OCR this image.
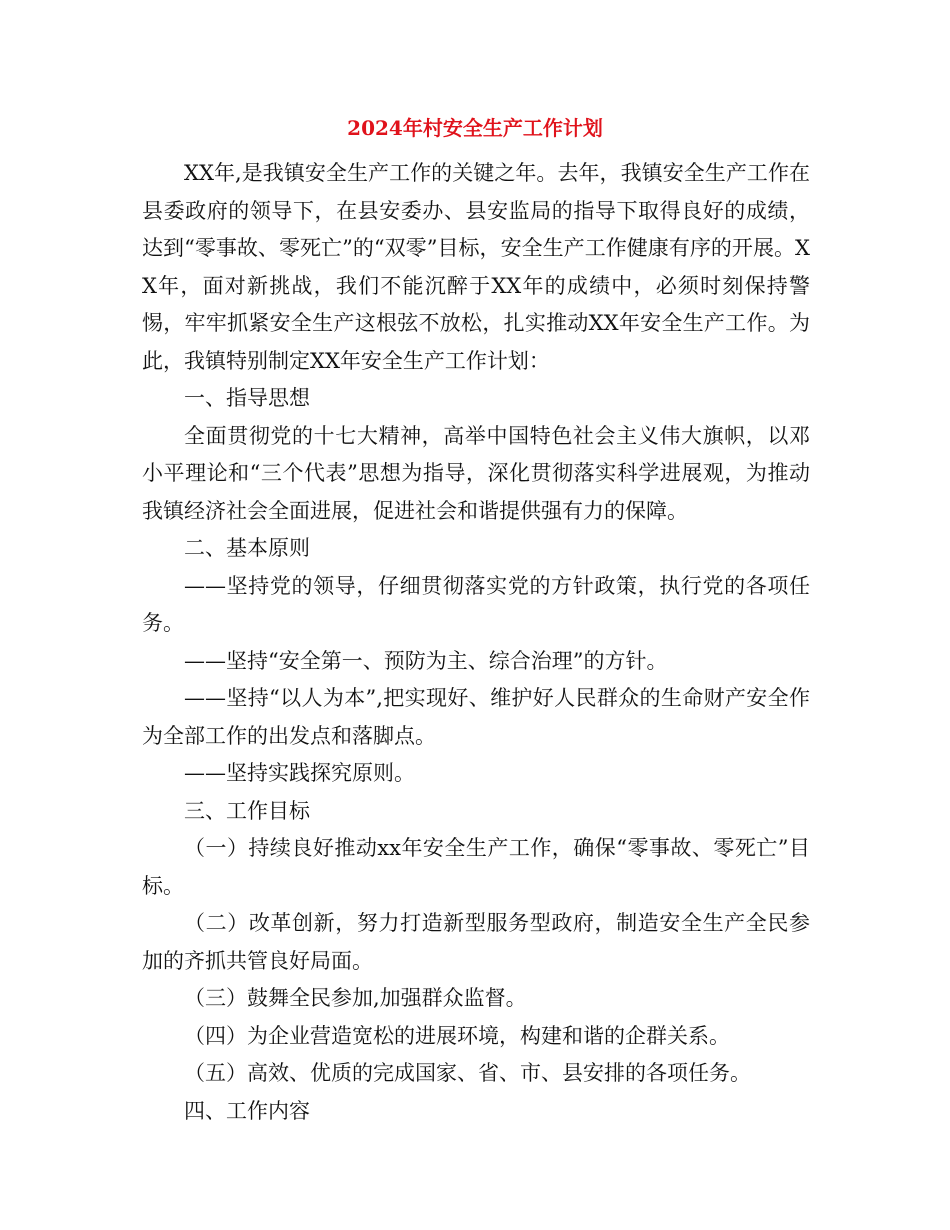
2024年村安全生产工作计划

XX年,是我镇安全生产工作的关键之年。去年，我镇安全生产工作在县委政府的领导下，在县安委办、县安监局的指导下取得良好的成绩，达到“零事故、零死亡”的“双零”目标，安全生产工作健康有序的开展。XX年，面对新挑战，我们不能沉醉于XX年的成绩中，必须时刻保持警惕，牢牢抓紧安全生产这根弦不放松，扎实推动XX年安全生产工作。为此，我镇特别制定XX年安全生产工作计划：

一、指导思想

全面贯彻党的十七大精神，高举中国特色社会主义伟大旗帜，以邓小平理论和“三个代表”思想为指导，深化贯彻落实科学进展观，为推动我镇经济社会全面进展，促进社会和谐提供强有力的保障。

二、基本原则

——坚持党的领导，仔细贯彻落实党的方针政策，执行党的各项任务。

——坚持“安全第一、预防为主、综合治理”的方针。

——坚持“以人为本”,把实现好、维护好人民群众的生命财产安全作为全部工作的出发点和落脚点。

——坚持实践探究原则。

三、工作目标

（一）持续良好推动xx年安全生产工作，确保“零事故、零死亡”目标。

（二）改革创新，努力打造新型服务型政府，制造安全生产全民参加的齐抓共管良好局面。

（三）鼓舞全民参加,加强群众监督。

（四）为企业营造宽松的进展环境，构建和谐的企群关系。

（五）高效、优质的完成国家、省、市、县安排的各项任务。

四、工作内容
